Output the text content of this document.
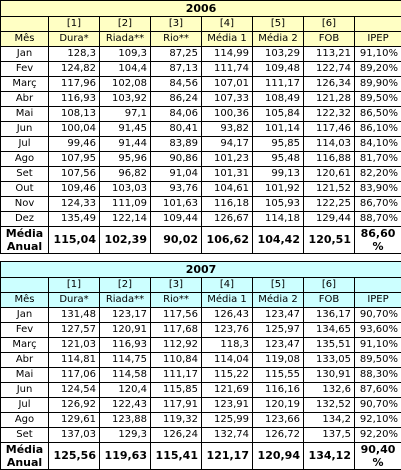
2006							
	[1]	[2]	[3]	[4]	[5]	[6]	
Mês	Dura*	Riada**	Rio**	Média 1	Média 2	FOB	IPEP
Jan	128,3	109,3	87,25	114,99	103,29	113,21	91,10%
Fev	124,82	104,4	87,13	111,74	109,48	122,74	89,20%
Març	117,96	102,08	84,56	107,01	111,17	126,34	89,90%
Abr	116,93	103,92	86,24	107,33	108,49	121,28	89,50%
Mai	108,13	97,1	84,06	100,36	105,84	122,32	86,50%
Jun	100,04	91,45	80,41	93,82	101,14	117,46	86,10%
Jul	99,46	91,44	83,89	94,17	95,85	114,03	84,10%
Ago	107,95	95,96	90,86	101,23	95,48	116,88	81,70%
Set	107,56	96,82	91,04	101,31	99,13	120,61	82,20%
Out	109,46	103,03	93,76	104,61	101,92	121,52	83,90%
Nov	124,33	111,09	101,63	116,18	105,93	122,25	86,70%
Dez	135,49	122,14	109,44	126,67	114,18	129,44	88,70%
Média	115,04	102,39	90,02	106,62	104,42	120,51	86,60
Anual							%
2007							
	[1]	[2]	[3]	[4]	[5]	[6]	
Mês	Dura*	Riada**	Rio**	Média 1	Média 2	FOB	IPEP
Jan	131,48	123,17	117,56	126,43	123,47	136,17	90,70%
Fev	127,57	120,91	117,68	123,76	125,97	134,65	93,60%
Març	121,03	116,93	112,92	118,3	123,47	135,51	91,10%
Abr	114,81	114,75	110,84	114,04	119,08	133,05	89,50%
Mai	117,06	114,58	111,17	115,22	115,55	130,91	88,30%
Jun	124,54	120,4	115,85	121,69	116,16	132,6	87,60%
Jul	126,92	122,43	117,91	123,91	120,19	132,52	90,70%
Ago	129,61	123,88	119,32	125,99	123,66	134,2	92,10%
Set	137,03	129,3	126,24	132,74	126,72	137,5	92,20%
Média	125,56	119,63	115,41	121,17	120,94	134,12	90,40
Anual							%
